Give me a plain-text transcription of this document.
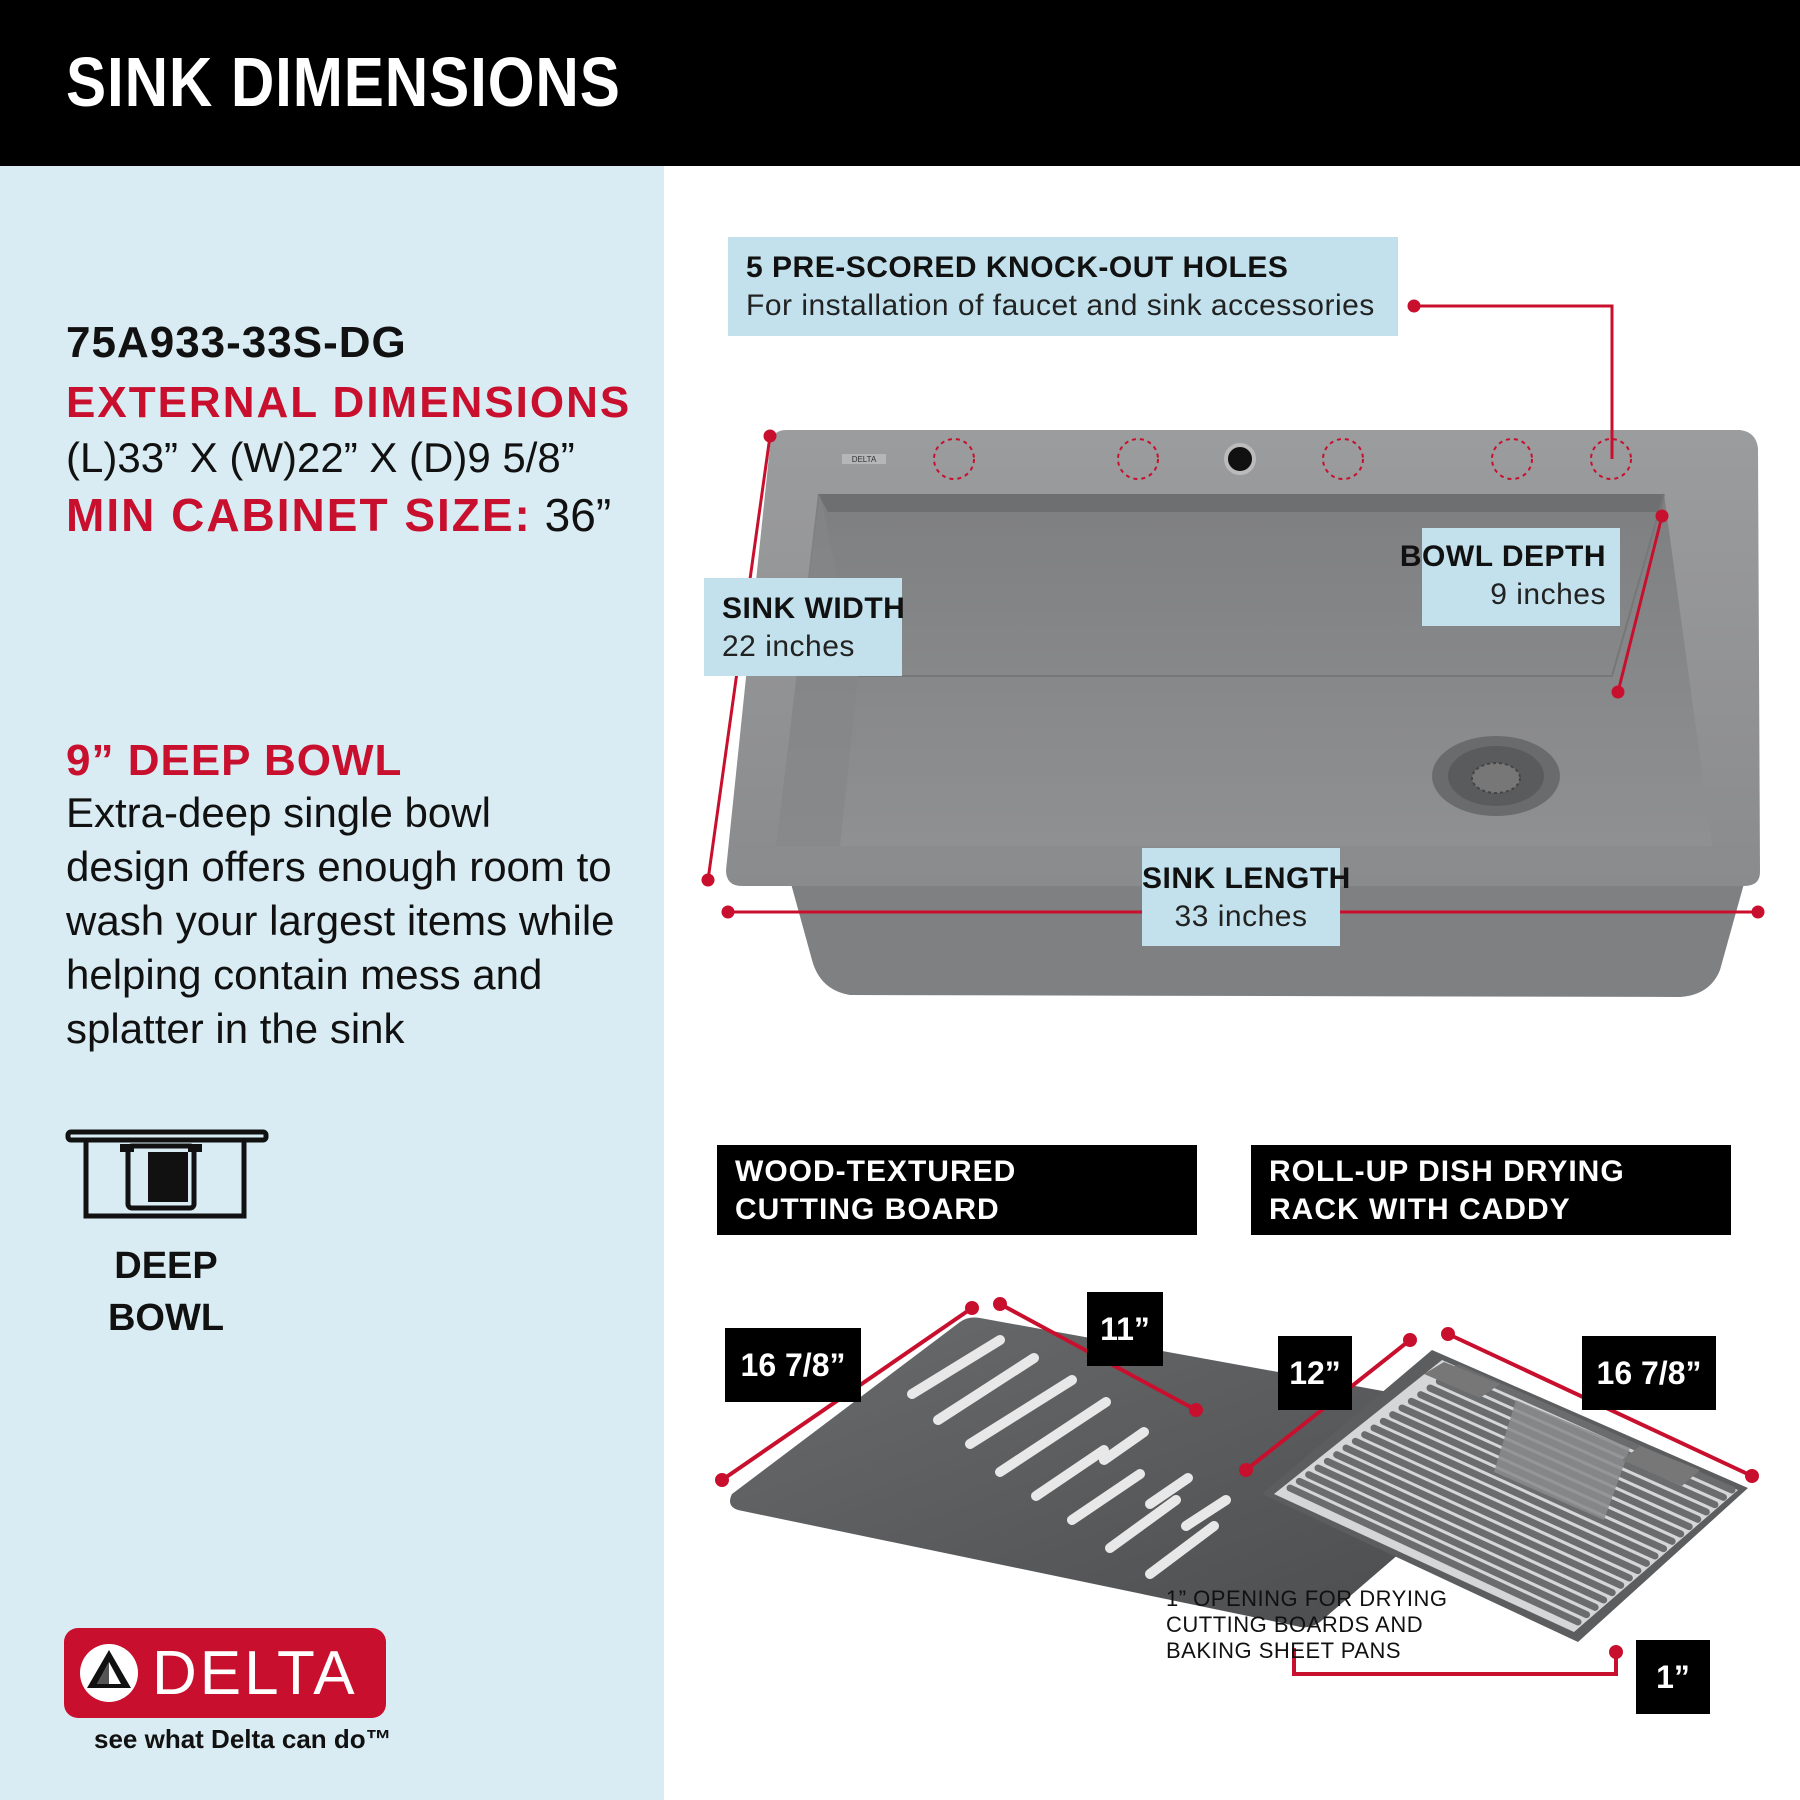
SINK DIMENSIONS
75A933-33S-DG
EXTERNAL DIMENSIONS
(L)33” X (W)22” X (D)9 5/8”
MIN CABINET SIZE: 36”
9” DEEP BOWL
Extra-deep single bowl design offers enough room to wash your largest items while helping contain mess and splatter in the sink
DEEP
BOWL
DELTA
see what Delta can do™
DELTA
5 PRE-SCORED KNOCK-OUT HOLES
For installation of faucet and sink accessories
SINK WIDTH
22 inches
BOWL DEPTH
9 inches
SINK LENGTH
33 inches
WOOD-TEXTURED
CUTTING BOARD
ROLL-UP DISH DRYING
RACK WITH CADDY
16 7/8”
11”
12”	16 7/8”
1”
1” OPENING FOR DRYING
CUTTING BOARDS AND
BAKING SHEET PANS
